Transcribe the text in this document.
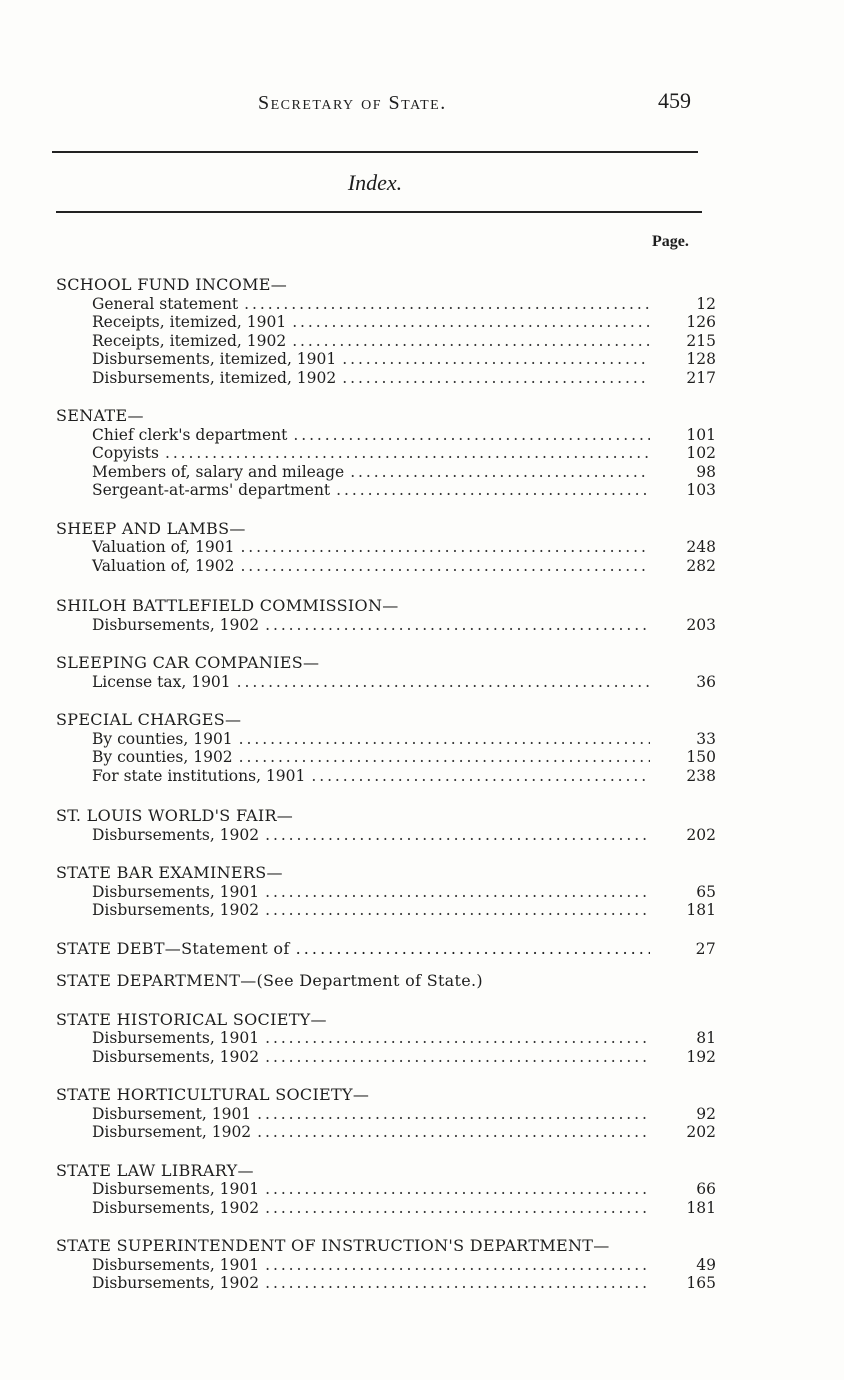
Secretary of State.	459
Index.
Page.
SCHOOL FUND INCOME—
General statement . . .	12
Receipts, itemized, 1901 . . .	126
Receipts, itemized, 1902 . . .	215
Disbursements, itemized, 1901 . . .	128
Disbursements, itemized, 1902 . . .	217
SENATE—
Chief clerk's department . . .	101
Copyists . . .	102
Members of, salary and mileage . . .	98
Sergeant-at-arms' department . . .	103
SHEEP AND LAMBS—
Valuation of, 1901 . . .	248
Valuation of, 1902 . . .	282
SHILOH BATTLEFIELD COMMISSION—
Disbursements, 1902 . . .	203
SLEEPING CAR COMPANIES—
License tax, 1901 . . .	36
SPECIAL CHARGES—
By counties, 1901 . . .	33
By counties, 1902 . . .	150
For state institutions, 1901 . . .	238
ST. LOUIS WORLD'S FAIR—
Disbursements, 1902 . . .	202
STATE BAR EXAMINERS—
Disbursements, 1901 . . .	65
Disbursements, 1902 . . .	181
STATE DEBT—Statement of . . .	27
STATE DEPARTMENT—(See Department of State.)
STATE HISTORICAL SOCIETY—
Disbursements, 1901 . . .	81
Disbursements, 1902 . . .	192
STATE HORTICULTURAL SOCIETY—
Disbursement, 1901 . . .	92
Disbursement, 1902 . . .	202
STATE LAW LIBRARY—
Disbursements, 1901 . . .	66
Disbursements, 1902 . . .	181
STATE SUPERINTENDENT OF INSTRUCTION'S DEPARTMENT—
Disbursements, 1901 . . .	49
Disbursements, 1902 . . .	165
